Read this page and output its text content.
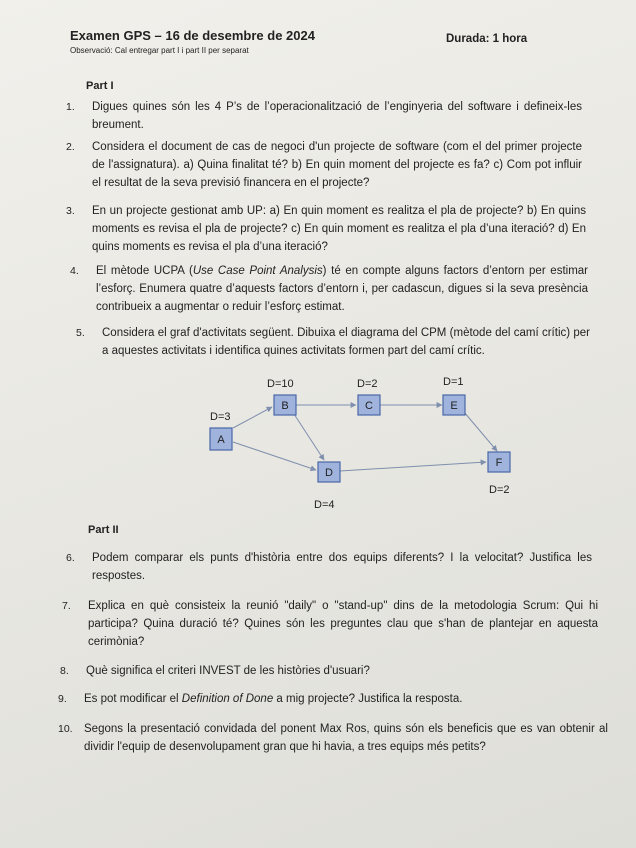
Examen GPS – 16 de desembre de 2024	Durada: 1 hora
Observació: Cal entregar part I i part II per separat
Part I
1. Digues quines són les 4 P’s de l’operacionalització de l’enginyeria del software i defineix-les breument.
2. Considera el document de cas de negoci d'un projecte de software (com el del primer projecte de l'assignatura). a) Quina finalitat té? b) En quin moment del projecte es fa? c) Com pot influir el resultat de la seva previsió financera en el projecte?
3. En un projecte gestionat amb UP: a) En quin moment es realitza el pla de projecte? b) En quins moments es revisa el pla de projecte? c) En quin moment es realitza el pla d’una iteració? d) En quins moments es revisa el pla d’una iteració?
4. El mètode UCPA (Use Case Point Analysis) té en compte alguns factors d’entorn per estimar l’esforç. Enumera quatre d’aquests factors d’entorn i, per cadascun, digues si la seva presència contribueix a augmentar o reduir l’esforç estimat.
5. Considera el graf d'activitats següent. Dibuixa el diagrama del CPM (mètode del camí crític) per a aquestes activitats i identifica quines activitats formen part del camí crític.
A
B	C
D
E
F
D=3
D=10	D=2
D=4
D=1
D=2
Part II
6. Podem comparar els punts d'història entre dos equips diferents? I la velocitat? Justifica les respostes.
7. Explica en què consisteix la reunió "daily" o "stand-up" dins de la metodologia Scrum: Qui hi participa? Quina duració té? Quines són les preguntes clau que s'han de plantejar en aquesta cerimònia?
8. Què significa el criteri INVEST de les històries d'usuari?
9. Es pot modificar el Definition of Done a mig projecte? Justifica la resposta.
10. Segons la presentació convidada del ponent Max Ros, quins són els beneficis que es van obtenir al dividir l'equip de desenvolupament gran que hi havia, a tres equips més petits?
